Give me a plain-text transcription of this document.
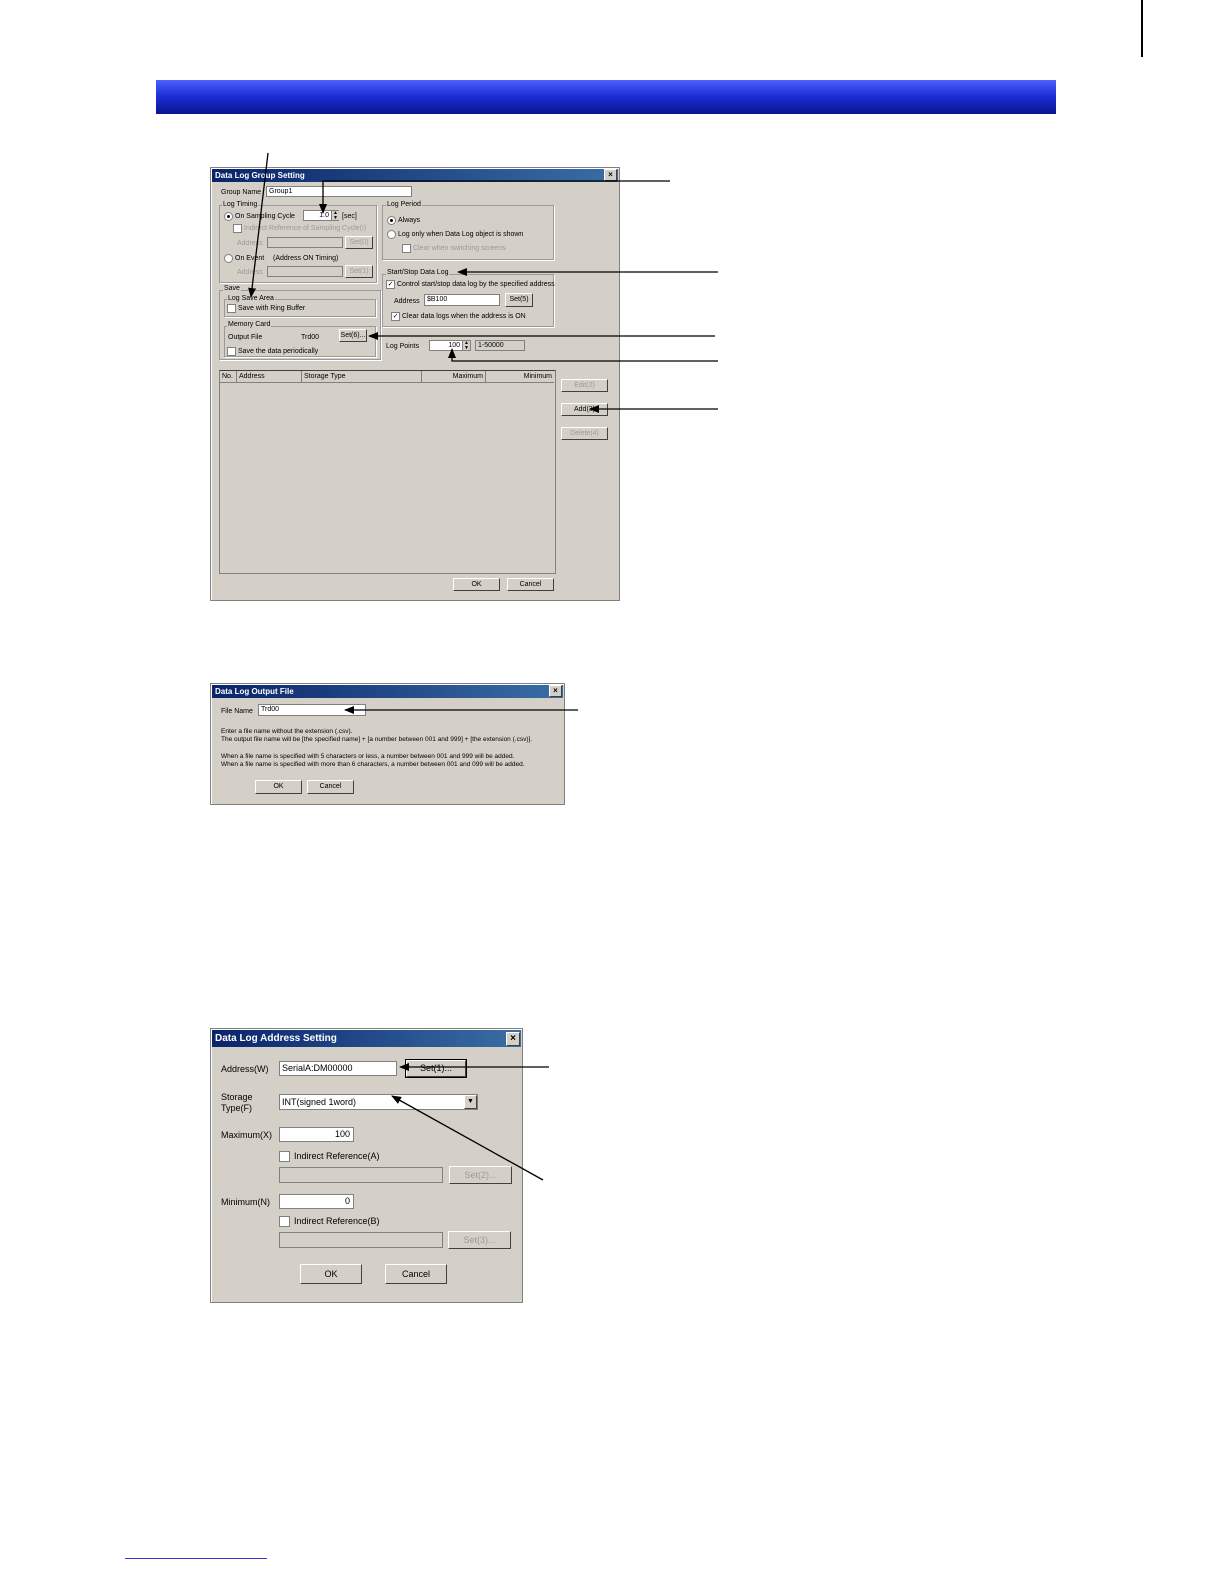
Data Log Group Setting	×
Group Name	Group1
Log Timing
On Sampling Cycle	1.0 ▲
▼ [sec]
Indirect Reference of Sampling Cycle(I)
Address	Set(0)
On Event (Address ON Timing)
Address	Set(1)
Save
Log Save Area
Save with Ring Buffer
Memory Card
Output File	Trd00	Set(6)...
Save the data periodically
Log Period
Always
Log only when Data Log object is shown
Clear when switching screens
Start/Stop Data Log
✓ Control start/stop data log by the specified address
Address	$B100	Set(5)
✓ Clear data logs when the address is ON
Log Points	100 ▲
▼	1-50000
No. Address	Storage Type	Maximum	Minimum
Edit(2)
Add(3)
Delete(4)
OK	Cancel
Data Log Output File	×
File Name	Trd00
Enter a file name without the extension (.csv).
The output file name will be [the specified name] + [a number between 001 and 999] + [the extension (.csv)].
When a file name is specified with 5 characters or less, a number between 001 and 999 will be added.
When a file name is specified with more than 6 characters, a number between 001 and 099 will be added.
OK	Cancel
Data Log Address Setting	×
Address(W)	SerialA:DM00000	Set(1)...
Storage
Type(F)
INT(signed 1word)	▼
Maximum(X)	100
Indirect Reference(A)
Set(2)...
Minimum(N)	0
Indirect Reference(B)
Set(3)...
OK	Cancel
